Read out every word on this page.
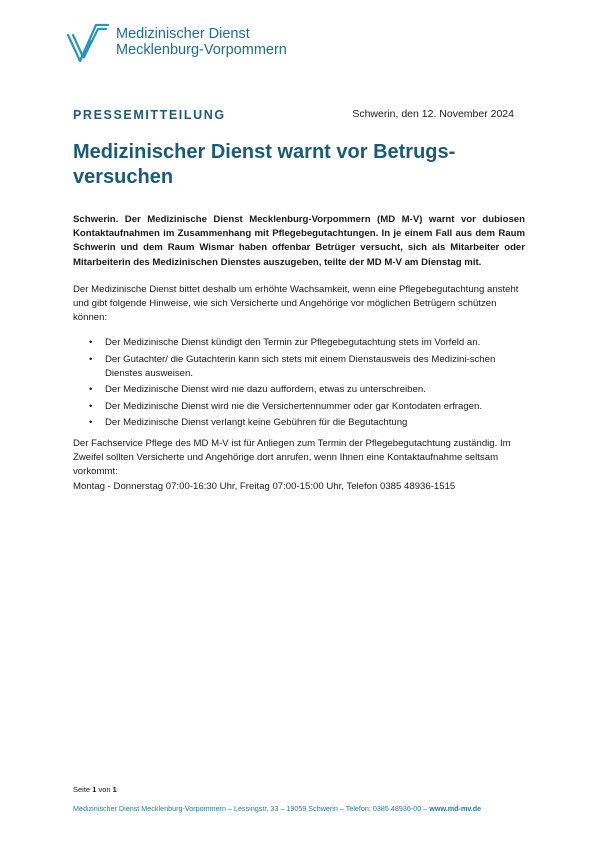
Medizinischer Dienst
Mecklenburg-Vorpommern
PRESSEMITTEILUNG	Schwerin, den 12. November 2024
Medizinischer Dienst warnt vor Betrugs-
versuchen

Schwerin. Der Medizinische Dienst Mecklenburg-Vorpommern (MD M-V) warnt vor dubiosen Kontaktaufnahmen im Zusammenhang mit Pflegebegutachtungen. In je einem Fall aus dem Raum Schwerin und dem Raum Wismar haben offenbar Betrüger versucht, sich als Mitarbeiter oder Mitarbeiterin des Medizinischen Dienstes auszugeben, teilte der MD M-V am Dienstag mit.

Der Medizinische Dienst bittet deshalb um erhöhte Wachsamkeit, wenn eine Pflegebegutachtung ansteht und gibt folgende Hinweise, wie sich Versicherte und Angehörige vor möglichen Betrügern schützen können:

• Der Medizinische Dienst kündigt den Termin zur Pflegebegutachtung stets im Vorfeld an.
• Der Gutachter/ die Gutachterin kann sich stets mit einem Dienstausweis des Medizini-schen Dienstes ausweisen.
• Der Medizinische Dienst wird nie dazu auffordern, etwas zu unterschreiben.
• Der Medizinische Dienst wird nie die Versichertennummer oder gar Kontodaten erfragen.
• Der Medizinische Dienst verlangt keine Gebühren für die Begutachtung

Der Fachservice Pflege des MD M-V ist für Anliegen zum Termin der Pflegebegutachtung zuständig. Im Zweifel sollten Versicherte und Angehörige dort anrufen, wenn Ihnen eine Kontaktaufnahme seltsam vorkommt:
Montag - Donnerstag 07:00-16:30 Uhr, Freitag 07:00-15:00 Uhr, Telefon 0385 48936-1515

Seite 1 von 1
Medizinischer Dienst Mecklenburg-Vorpommern – Lessingstr. 33 – 19059 Schwerin – Telefon: 0385 48936-00 – www.md-mv.de
